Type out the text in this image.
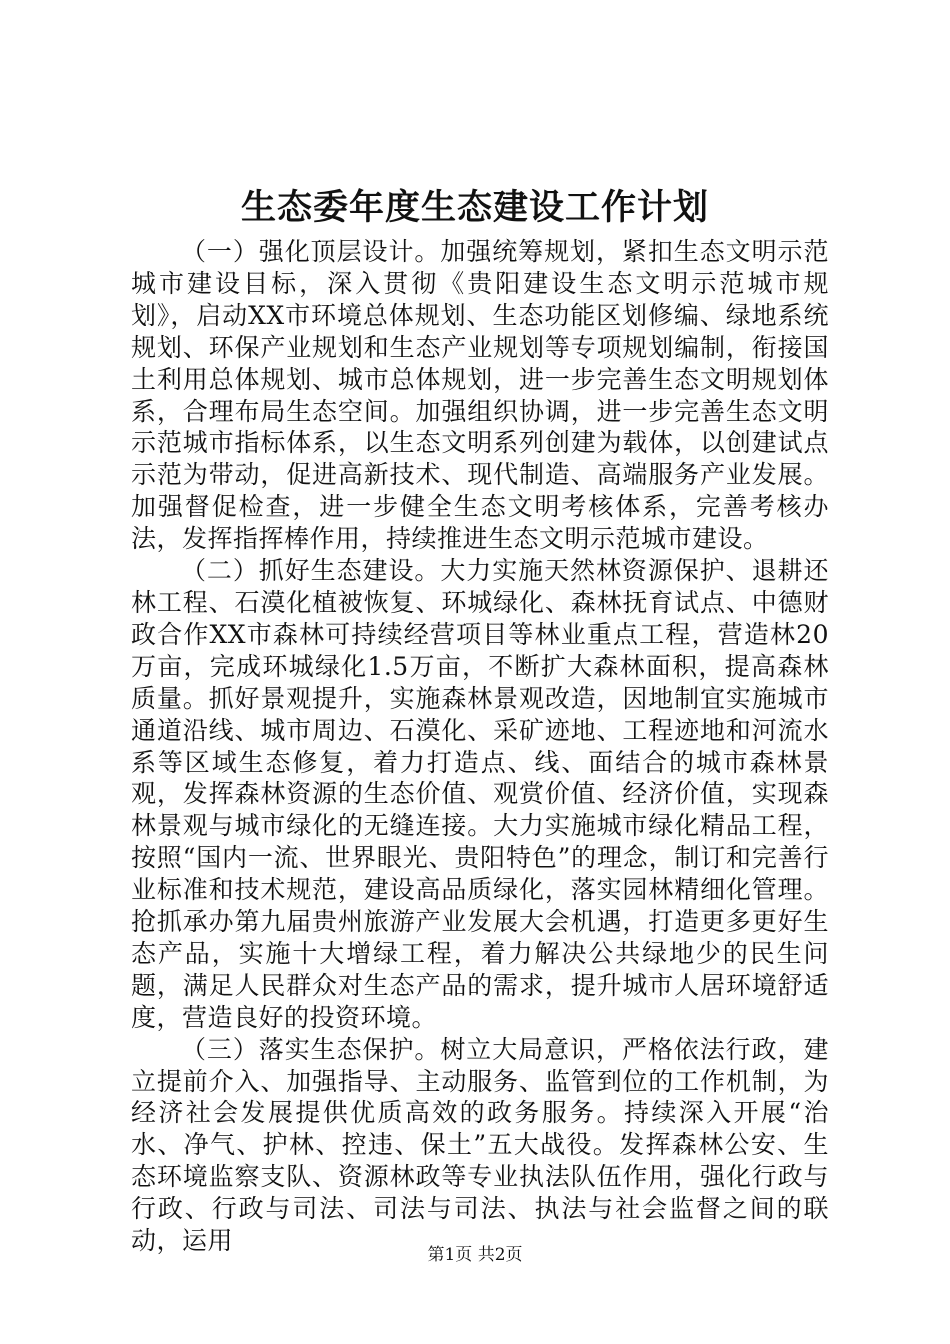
生态委年度生态建设工作计划

（一）强化顶层设计。加强统筹规划，紧扣生态文明示范城市建设目标，深入贯彻《贵阳建设生态文明示范城市规划》，启动XX市环境总体规划、生态功能区划修编、绿地系统规划、环保产业规划和生态产业规划等专项规划编制，衔接国土利用总体规划、城市总体规划，进一步完善生态文明规划体系，合理布局生态空间。加强组织协调，进一步完善生态文明示范城市指标体系，以生态文明系列创建为载体，以创建试点示范为带动，促进高新技术、现代制造、高端服务产业发展。加强督促检查，进一步健全生态文明考核体系，完善考核办法，发挥指挥棒作用，持续推进生态文明示范城市建设。

（二）抓好生态建设。大力实施天然林资源保护、退耕还林工程、石漠化植被恢复、环城绿化、森林抚育试点、中德财政合作XX市森林可持续经营项目等林业重点工程，营造林20万亩，完成环城绿化1.5万亩，不断扩大森林面积，提高森林质量。抓好景观提升，实施森林景观改造，因地制宜实施城市通道沿线、城市周边、石漠化、采矿迹地、工程迹地和河流水系等区域生态修复，着力打造点、线、面结合的城市森林景观，发挥森林资源的生态价值、观赏价值、经济价值，实现森林景观与城市绿化的无缝连接。大力实施城市绿化精品工程，按照“国内一流、世界眼光、贵阳特色”的理念，制订和完善行业标准和技术规范，建设高品质绿化，落实园林精细化管理。抢抓承办第九届贵州旅游产业发展大会机遇，打造更多更好生态产品，实施十大增绿工程，着力解决公共绿地少的民生问题，满足人民群众对生态产品的需求，提升城市人居环境舒适度，营造良好的投资环境。

（三）落实生态保护。树立大局意识，严格依法行政，建立提前介入、加强指导、主动服务、监管到位的工作机制，为经济社会发展提供优质高效的政务服务。持续深入开展“治水、净气、护林、控违、保土”五大战役。发挥森林公安、生态环境监察支队、资源林政等专业执法队伍作用，强化行政与行政、行政与司法、司法与司法、执法与社会监督之间的联动，运用	第1页 共2页
